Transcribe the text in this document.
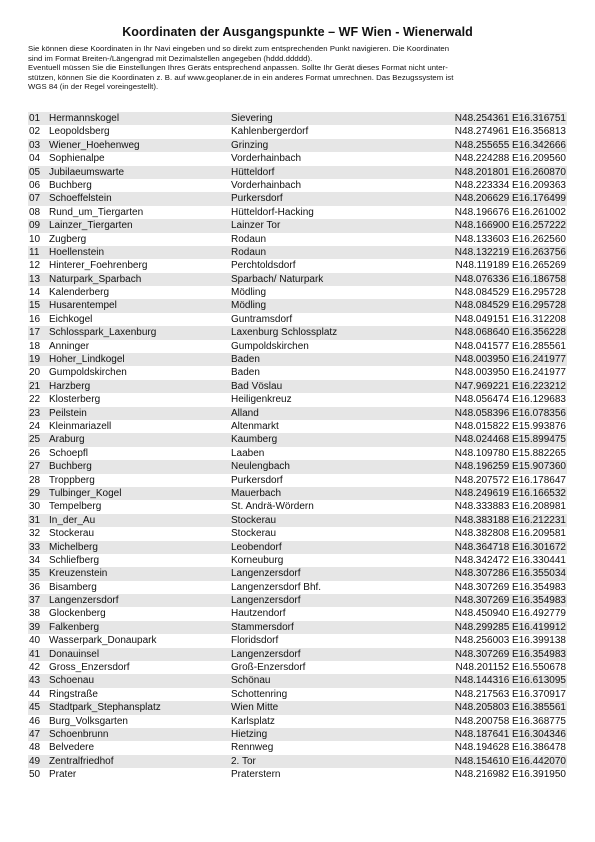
Koordinaten der Ausgangspunkte – WF Wien - Wienerwald

Sie können diese Koordinaten in Ihr Navi eingeben und so direkt zum entsprechenden Punkt navigieren. Die Koordinaten

sind im Format Breiten-/Längengrad mit Dezimalstellen angegeben (hddd.ddddd).

Eventuell müssen Sie die Einstellungen Ihres Geräts entsprechend anpassen. Sollte Ihr Gerät dieses Format nicht unter-

stützen, können Sie die Koordinaten z. B. auf www.geoplaner.de in ein anderes Format umrechnen. Das Bezugssystem ist

WGS 84 (in der Regel voreingestellt).

01 Hermannskogel	Sievering	N48.254361 E16.316751
02 Leopoldsberg	Kahlenbergerdorf	N48.274961 E16.356813
03 Wiener_Hoehenweg	Grinzing	N48.255655 E16.342666
04 Sophienalpe	Vorderhainbach	N48.224288 E16.209560
05 Jubilaeumswarte	Hütteldorf	N48.201801 E16.260870
06 Buchberg	Vorderhainbach	N48.223334 E16.209363
07 Schoeffelstein	Purkersdorf	N48.206629 E16.176499
08 Rund_um_Tiergarten	Hütteldorf-Hacking	N48.196676 E16.261002
09 Lainzer_Tiergarten	Lainzer Tor	N48.166900 E16.257222
10 Zugberg	Rodaun	N48.133603 E16.262560
11 Hoellenstein	Rodaun	N48.132219 E16.263756
12 Hinterer_Foehrenberg	Perchtoldsdorf	N48.119189 E16.265269
13 Naturpark_Sparbach	Sparbach/ Naturpark	N48.076336 E16.186758
14 Kalenderberg	Mödling	N48.084529 E16.295728
15 Husarentempel	Mödling	N48.084529 E16.295728
16 Eichkogel	Guntramsdorf	N48.049151 E16.312208
17 Schlosspark_Laxenburg	Laxenburg Schlossplatz	N48.068640 E16.356228
18 Anninger	Gumpoldskirchen	N48.041577 E16.285561
19 Hoher_Lindkogel	Baden	N48.003950 E16.241977
20 Gumpoldskirchen	Baden	N48.003950 E16.241977
21 Harzberg	Bad Vöslau	N47.969221 E16.223212
22 Klosterberg	Heiligenkreuz	N48.056474 E16.129683
23 Peilstein	Alland	N48.058396 E16.078356
24 Kleinmariazell	Altenmarkt	N48.015822 E15.993876
25 Araburg	Kaumberg	N48.024468 E15.899475
26 Schoepfl	Laaben	N48.109780 E15.882265
27 Buchberg	Neulengbach	N48.196259 E15.907360
28 Troppberg	Purkersdorf	N48.207572 E16.178647
29 Tulbinger_Kogel	Mauerbach	N48.249619 E16.166532
30 Tempelberg	St. Andrä-Wördern	N48.333883 E16.208981
31 In_der_Au	Stockerau	N48.383188 E16.212231
32 Stockerau	Stockerau	N48.382808 E16.209581
33 Michelberg	Leobendorf	N48.364718 E16.301672
34 Schliefberg	Korneuburg	N48.342472 E16.330441
35 Kreuzenstein	Langenzersdorf	N48.307286 E16.355034
36 Bisamberg	Langenzersdorf Bhf.	N48.307269 E16.354983
37 Langenzersdorf	Langenzersdorf	N48.307269 E16.354983
38 Glockenberg	Hautzendorf	N48.450940 E16.492779
39 Falkenberg	Stammersdorf	N48.299285 E16.419912
40 Wasserpark_Donaupark	Floridsdorf	N48.256003 E16.399138
41 Donauinsel	Langenzersdorf	N48.307269 E16.354983
42 Gross_Enzersdorf	Groß-Enzersdorf	N48.201152 E16.550678
43 Schoenau	Schönau	N48.144316 E16.613095
44 Ringstraße	Schottenring	N48.217563 E16.370917
45 Stadtpark_Stephansplatz	Wien Mitte	N48.205803 E16.385561
46 Burg_Volksgarten	Karlsplatz	N48.200758 E16.368775
47 Schoenbrunn	Hietzing	N48.187641 E16.304346
48 Belvedere	Rennweg	N48.194628 E16.386478
49 Zentralfriedhof	2. Tor	N48.154610 E16.442070
50 Prater	Praterstern	N48.216982 E16.391950
